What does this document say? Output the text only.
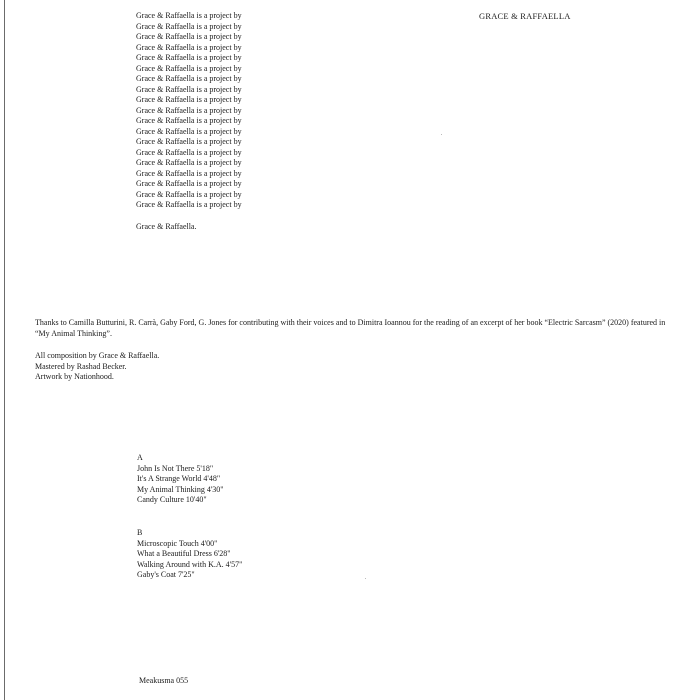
GRACE & RAFFAELLA
Grace & Raffaella is a project by
Grace & Raffaella is a project by
Grace & Raffaella is a project by
Grace & Raffaella is a project by
Grace & Raffaella is a project by
Grace & Raffaella is a project by
Grace & Raffaella is a project by
Grace & Raffaella is a project by
Grace & Raffaella is a project by
Grace & Raffaella is a project by
Grace & Raffaella is a project by
Grace & Raffaella is a project by
Grace & Raffaella is a project by
Grace & Raffaella is a project by
Grace & Raffaella is a project by
Grace & Raffaella is a project by
Grace & Raffaella is a project by
Grace & Raffaella is a project by
Grace & Raffaella is a project by
Grace & Raffaella.
Thanks to Camilla Butturini, R. Carrà, Gaby Ford, G. Jones for contributing with their voices and to Dimitra Ioannou for the reading of an excerpt of her book “Electric Sarcasm” (2020) featured in “My Animal Thinking”.
All composition by Grace & Raffaella.
Mastered by Rashad Becker.
Artwork by Nationhood.
A
John Is Not There 5'18"
It's A Strange World 4'48"
My Animal Thinking 4'30"
Candy Culture 10'40"
B
Microscopic Touch 4'00"
What a Beautiful Dress 6'28"
Walking Around with K.A. 4'57"
Gaby's Coat 7'25"
Meakusma 055
